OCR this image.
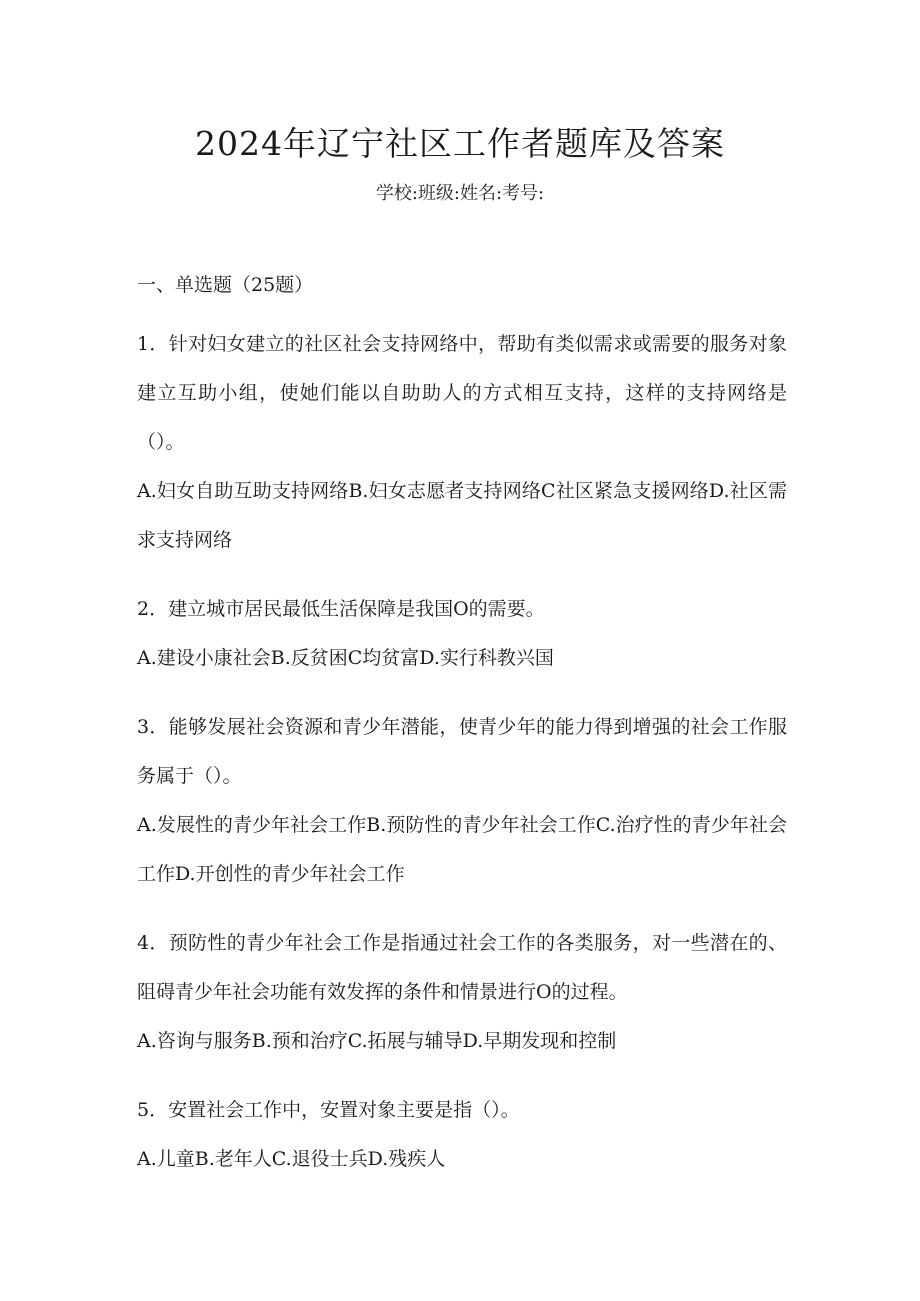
2024年辽宁社区工作者题库及答案
学校:班级:姓名:考号:
一、单选题（25题）

1．针对妇女建立的社区社会支持网络中，帮助有类似需求或需要的服务对象建立互助小组，使她们能以自助助人的方式相互支持，这样的支持网络是（）。

A.妇女自助互助支持网络B.妇女志愿者支持网络C社区紧急支援网络D.社区需求支持网络

2．建立城市居民最低生活保障是我国O的需要。

A.建设小康社会B.反贫困C均贫富D.实行科教兴国

3．能够发展社会资源和青少年潜能，使青少年的能力得到增强的社会工作服务属于（）。

A.发展性的青少年社会工作B.预防性的青少年社会工作C.治疗性的青少年社会工作D.开创性的青少年社会工作

4．预防性的青少年社会工作是指通过社会工作的各类服务，对一些潜在的、阻碍青少年社会功能有效发挥的条件和情景进行O的过程。

A.咨询与服务B.预和治疗C.拓展与辅导D.早期发现和控制

5．安置社会工作中，安置对象主要是指（）。

A.儿童B.老年人C.退役士兵D.残疾人
